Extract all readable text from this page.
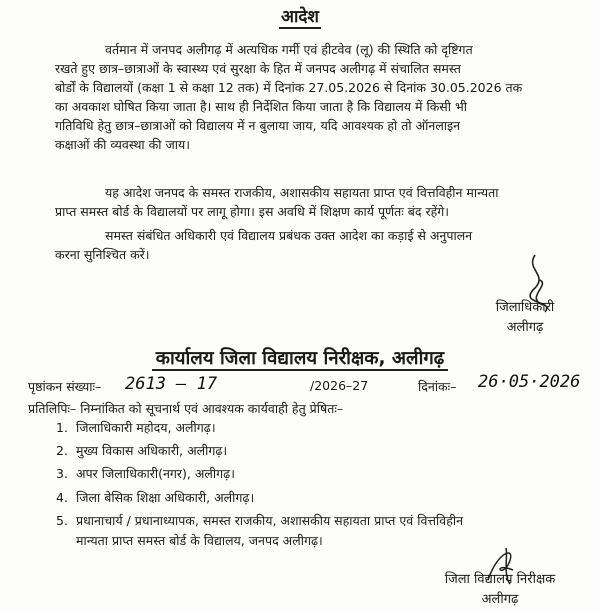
आदेश

वर्तमान में जनपद अलीगढ़ में अत्यधिक गर्मी एवं हीटवेव (लू) की स्थिति को दृष्टिगत

रखते हुए छात्र–छात्राओं के स्वास्थ्य एवं सुरक्षा के हित में जनपद अलीगढ़ में संचालित समस्त

बोर्डों के विद्यालयों (कक्षा 1 से कक्षा 12 तक) में दिनांक 27.05.2026 से दिनांक 30.05.2026 तक

का अवकाश घोषित किया जाता है। साथ ही निर्देशित किया जाता है कि विद्यालय में किसी भी

गतिविधि हेतु छात्र–छात्राओं को विद्यालय में न बुलाया जाय, यदि आवश्यक हो तो ऑनलाइन

कक्षाओं की व्यवस्था की जाय।

यह आदेश जनपद के समस्त राजकीय, अशासकीय सहायता प्राप्त एवं वित्तविहीन मान्यता

प्राप्त समस्त बोर्ड के विद्यालयों पर लागू होगा। इस अवधि में शिक्षण कार्य पूर्णतः बंद रहेंगे।

समस्त संबंधित अधिकारी एवं विद्यालय प्रबंधक उक्त आदेश का कड़ाई से अनुपालन

करना सुनिश्चित करें।

जिलाधिकारी
अलीगढ़
कार्यालय जिला विद्यालय निरीक्षक, अलीगढ़
पृष्ठांकन संख्याः– 2613 – 17	/2026–27	दिनांकः– 26·05·2026
प्रतिलिपिः– निम्नांकित को सूचनार्थ एवं आवश्यक कार्यवाही हेतु प्रेषितः–
1. जिलाधिकारी महोदय, अलीगढ़।
2. मुख्य विकास अधिकारी, अलीगढ़।
3. अपर जिलाधिकारी(नगर), अलीगढ़।
4. जिला बेसिक शिक्षा अधिकारी, अलीगढ़।
5. प्रधानाचार्य / प्रधानाध्यापक, समस्त राजकीय, अशासकीय सहायता प्राप्त एवं वित्तविहीन
मान्यता प्राप्त समस्त बोर्ड के विद्यालय, जनपद अलीगढ़।
जिला विद्यालय निरीक्षक
अलीगढ़
